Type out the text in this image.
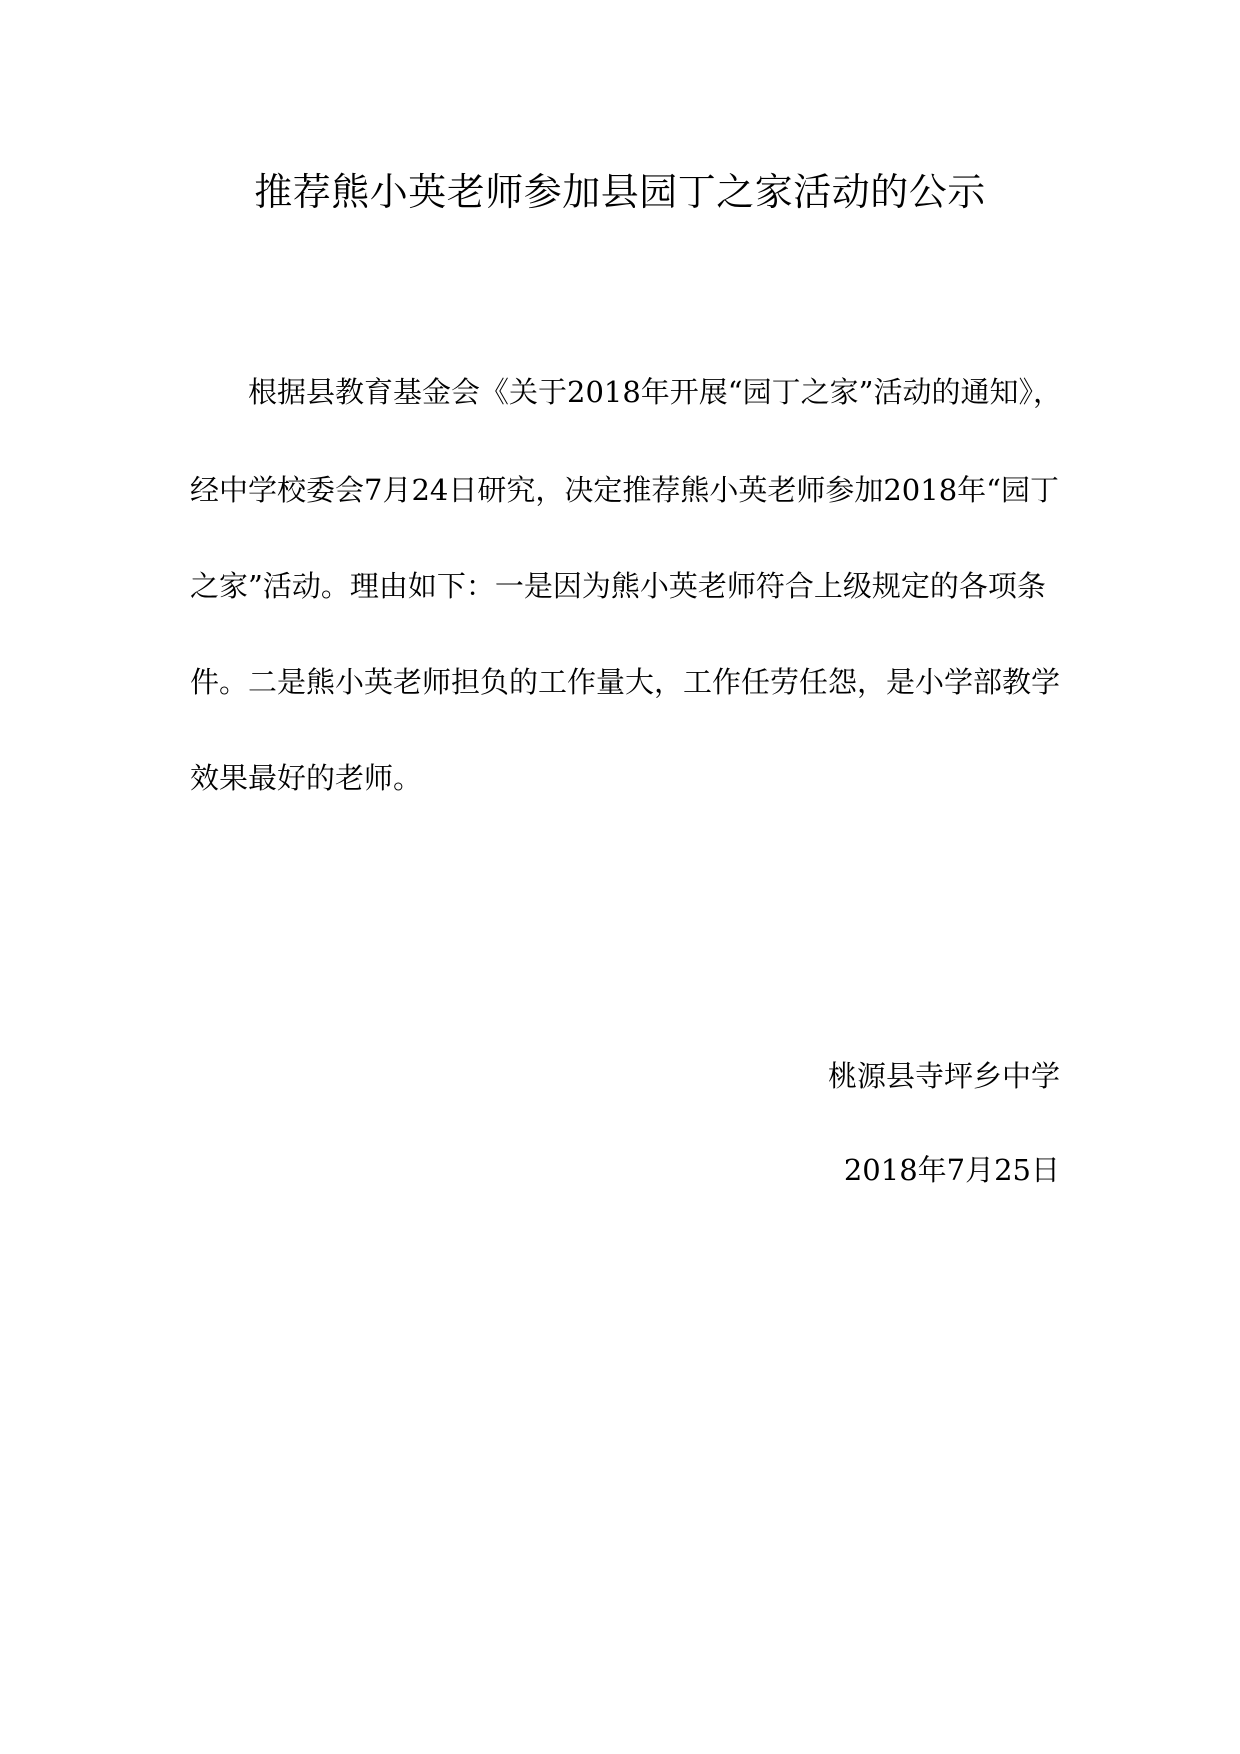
推荐熊小英老师参加县园丁之家活动的公示
根据县教育基金会《关于2018年开展“园丁之家”活动的通知》，
经中学校委会7月24日研究，决定推荐熊小英老师参加2018年“园丁
之家”活动。理由如下：一是因为熊小英老师符合上级规定的各项条
件。二是熊小英老师担负的工作量大，工作任劳任怨，是小学部教学
效果最好的老师。
桃源县寺坪乡中学
2018年7月25日
